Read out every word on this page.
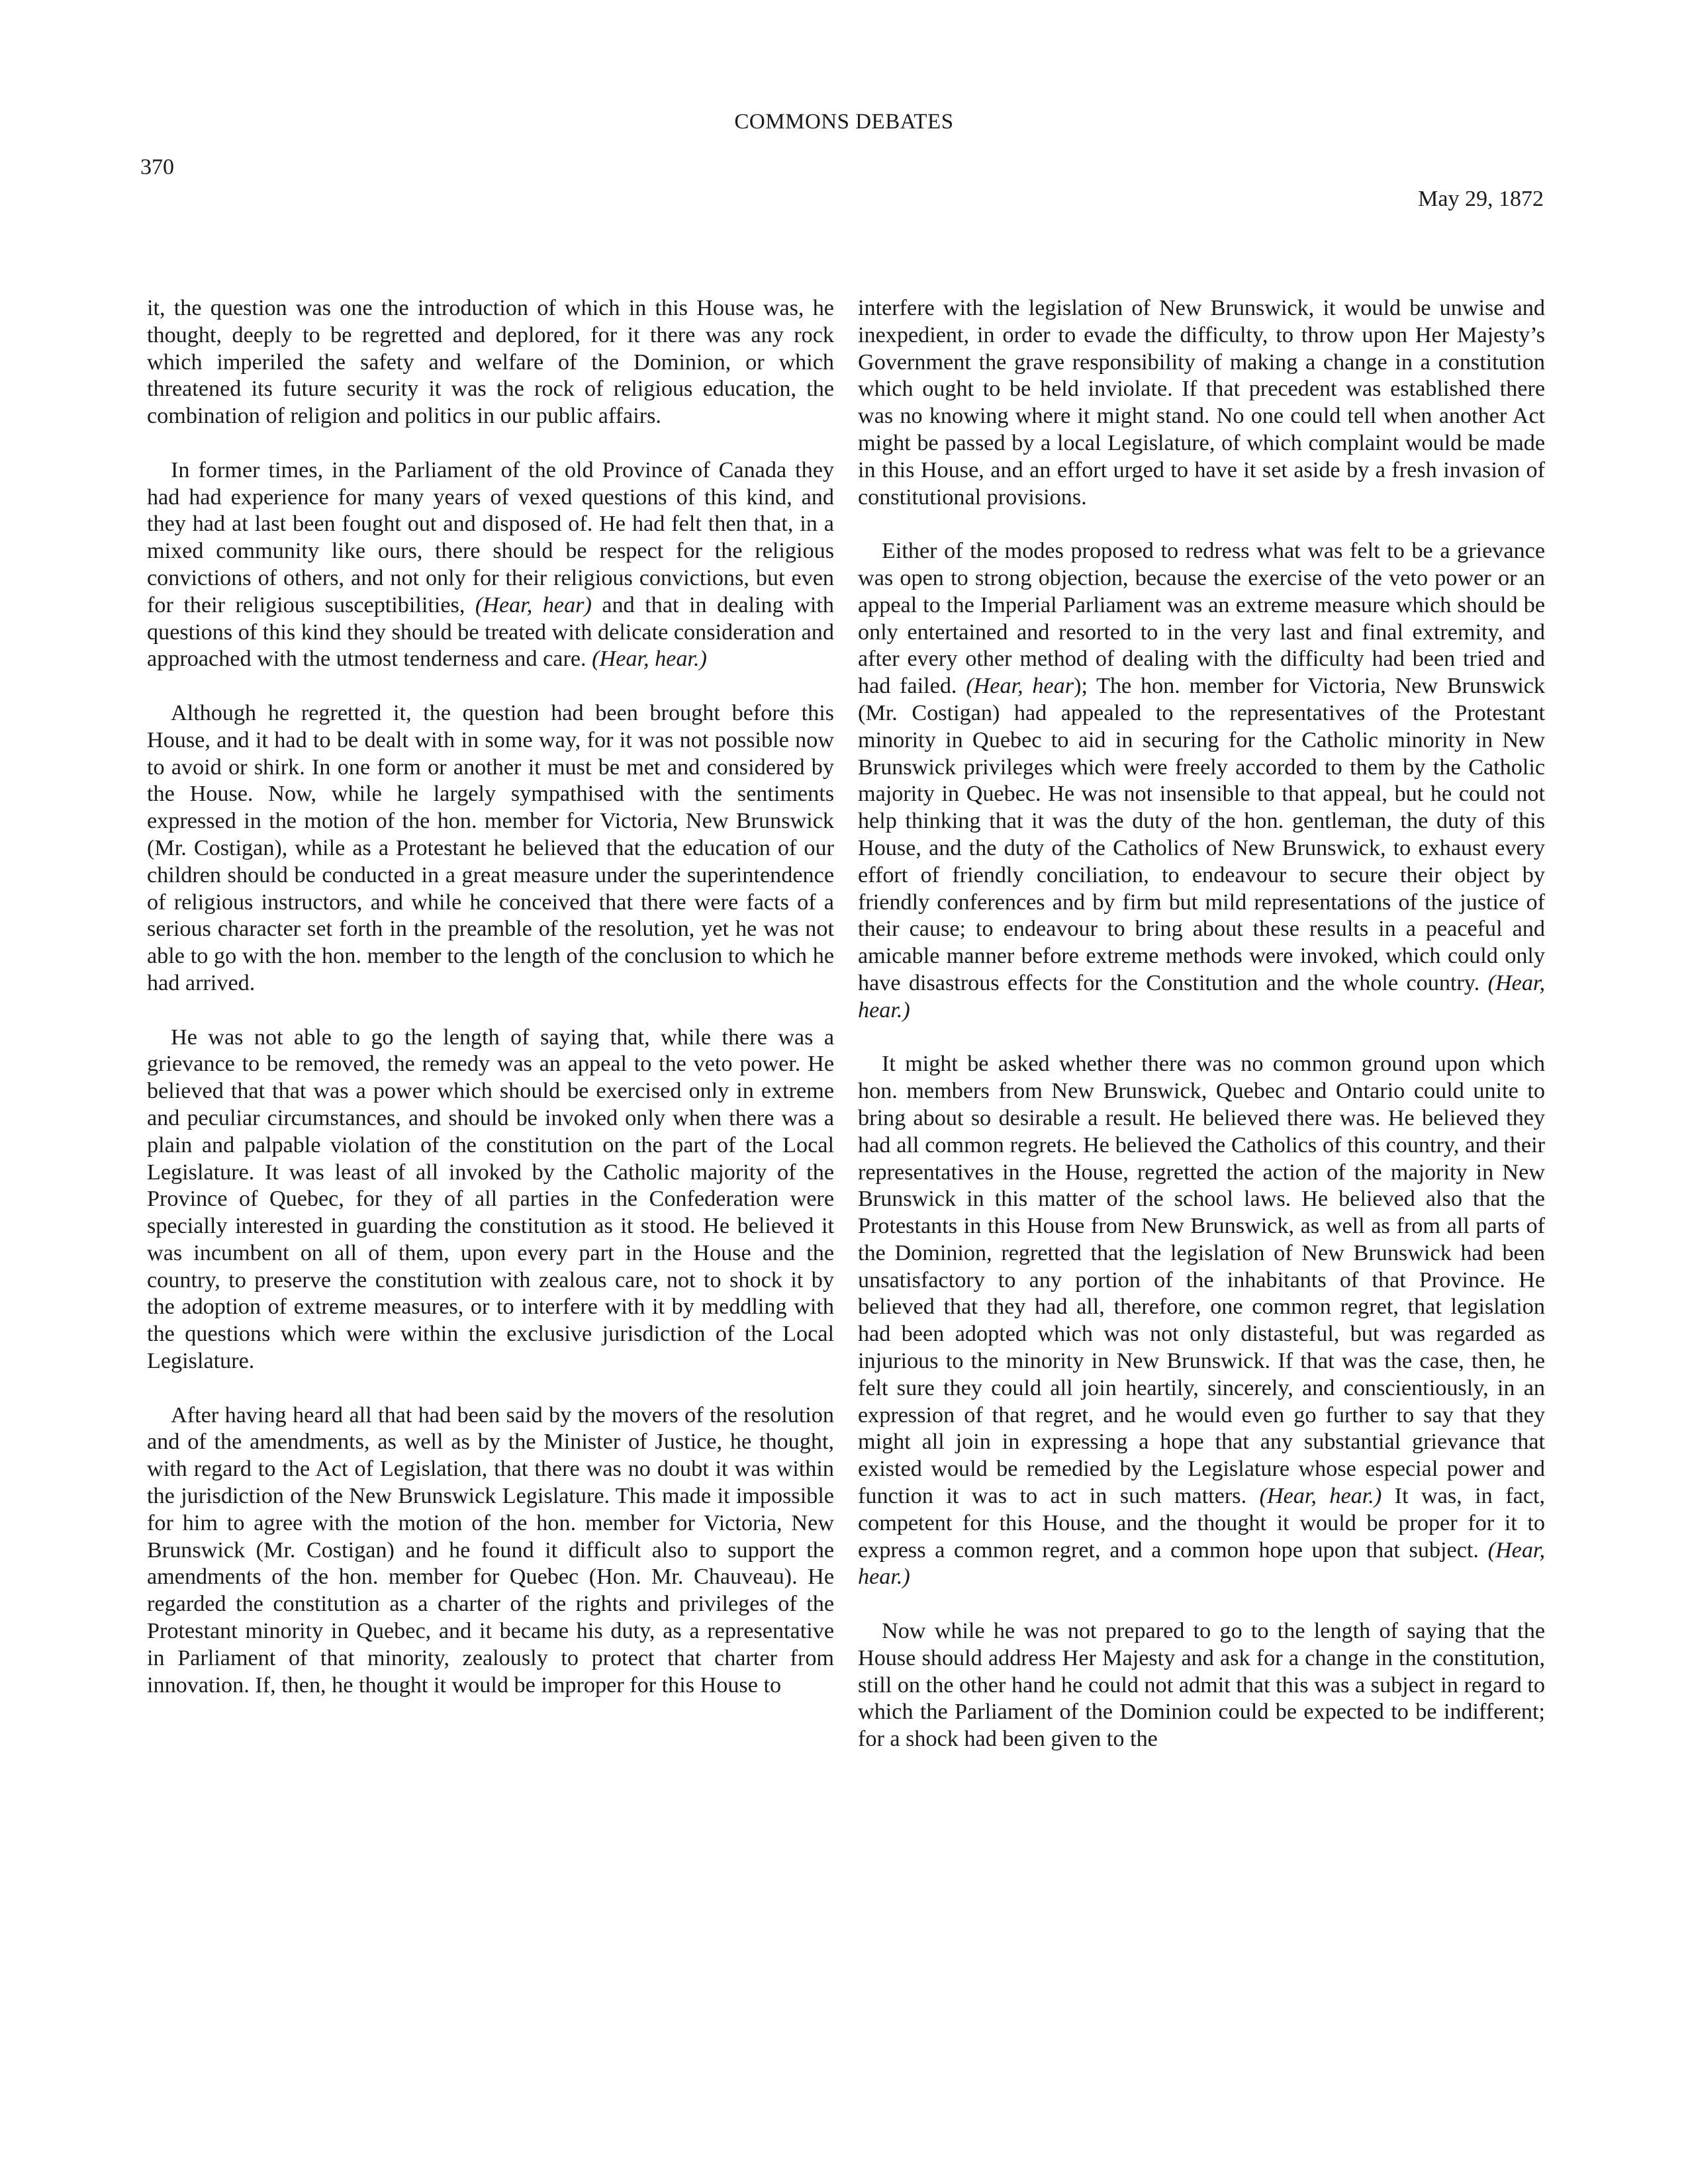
COMMONS DEBATES
370
May 29, 1872

it, the question was one the introduction of which in this House was, he thought, deeply to be regretted and deplored, for it there was any rock which imperiled the safety and welfare of the Dominion, or which threatened its future security it was the rock of religious education, the combination of religion and politics in our public affairs.

In former times, in the Parliament of the old Province of Canada they had had experience for many years of vexed questions of this kind, and they had at last been fought out and disposed of. He had felt then that, in a mixed community like ours, there should be respect for the religious convictions of others, and not only for their religious convictions, but even for their religious susceptibilities, (Hear, hear) and that in dealing with questions of this kind they should be treated with delicate consideration and approached with the utmost tenderness and care. (Hear, hear.)

Although he regretted it, the question had been brought before this House, and it had to be dealt with in some way, for it was not possible now to avoid or shirk. In one form or another it must be met and considered by the House. Now, while he largely sympathised with the sentiments expressed in the motion of the hon. member for Victoria, New Brunswick (Mr. Costigan), while as a Protestant he believed that the education of our children should be conducted in a great measure under the superintendence of religious instructors, and while he conceived that there were facts of a serious character set forth in the preamble of the resolution, yet he was not able to go with the hon. member to the length of the conclusion to which he had arrived.

He was not able to go the length of saying that, while there was a grievance to be removed, the remedy was an appeal to the veto power. He believed that that was a power which should be exercised only in extreme and peculiar circumstances, and should be invoked only when there was a plain and palpable violation of the constitution on the part of the Local Legislature. It was least of all invoked by the Catholic majority of the Province of Quebec, for they of all parties in the Confederation were specially interested in guarding the constitution as it stood. He believed it was incumbent on all of them, upon every part in the House and the country, to preserve the constitution with zealous care, not to shock it by the adoption of extreme measures, or to interfere with it by meddling with the questions which were within the exclusive jurisdiction of the Local Legislature.

After having heard all that had been said by the movers of the resolution and of the amendments, as well as by the Minister of Justice, he thought, with regard to the Act of Legislation, that there was no doubt it was within the jurisdiction of the New Brunswick Legislature. This made it impossible for him to agree with the motion of the hon. member for Victoria, New Brunswick (Mr. Costigan) and he found it difficult also to support the amendments of the hon. member for Quebec (Hon. Mr. Chauveau). He regarded the constitution as a charter of the rights and privileges of the Protestant minority in Quebec, and it became his duty, as a representative in Parliament of that minority, zealously to protect that charter from innovation. If, then, he thought it would be improper for this House to

interfere with the legislation of New Brunswick, it would be unwise and inexpedient, in order to evade the difficulty, to throw upon Her Majesty’s Government the grave responsibility of making a change in a constitution which ought to be held inviolate. If that precedent was established there was no knowing where it might stand. No one could tell when another Act might be passed by a local Legislature, of which complaint would be made in this House, and an effort urged to have it set aside by a fresh invasion of constitutional provisions.

Either of the modes proposed to redress what was felt to be a grievance was open to strong objection, because the exercise of the veto power or an appeal to the Imperial Parliament was an extreme measure which should be only entertained and resorted to in the very last and final extremity, and after every other method of dealing with the difficulty had been tried and had failed. (Hear, hear); The hon. member for Victoria, New Brunswick (Mr. Costigan) had appealed to the representatives of the Protestant minority in Quebec to aid in securing for the Catholic minority in New Brunswick privileges which were freely accorded to them by the Catholic majority in Quebec. He was not insensible to that appeal, but he could not help thinking that it was the duty of the hon. gentleman, the duty of this House, and the duty of the Catholics of New Brunswick, to exhaust every effort of friendly conciliation, to endeavour to secure their object by friendly conferences and by firm but mild representations of the justice of their cause; to endeavour to bring about these results in a peaceful and amicable manner before extreme methods were invoked, which could only have disastrous effects for the Constitution and the whole country. (Hear, hear.)

It might be asked whether there was no common ground upon which hon. members from New Brunswick, Quebec and Ontario could unite to bring about so desirable a result. He believed there was. He believed they had all common regrets. He believed the Catholics of this country, and their representatives in the House, regretted the action of the majority in New Brunswick in this matter of the school laws. He believed also that the Protestants in this House from New Brunswick, as well as from all parts of the Dominion, regretted that the legislation of New Brunswick had been unsatisfactory to any portion of the inhabitants of that Province. He believed that they had all, therefore, one common regret, that legislation had been adopted which was not only distasteful, but was regarded as injurious to the minority in New Brunswick. If that was the case, then, he felt sure they could all join heartily, sincerely, and conscientiously, in an expression of that regret, and he would even go further to say that they might all join in expressing a hope that any substantial grievance that existed would be remedied by the Legislature whose especial power and function it was to act in such matters. (Hear, hear.) It was, in fact, competent for this House, and the thought it would be proper for it to express a common regret, and a common hope upon that subject. (Hear, hear.)

Now while he was not prepared to go to the length of saying that the House should address Her Majesty and ask for a change in the constitution, still on the other hand he could not admit that this was a subject in regard to which the Parliament of the Dominion could be expected to be indifferent; for a shock had been given to the
